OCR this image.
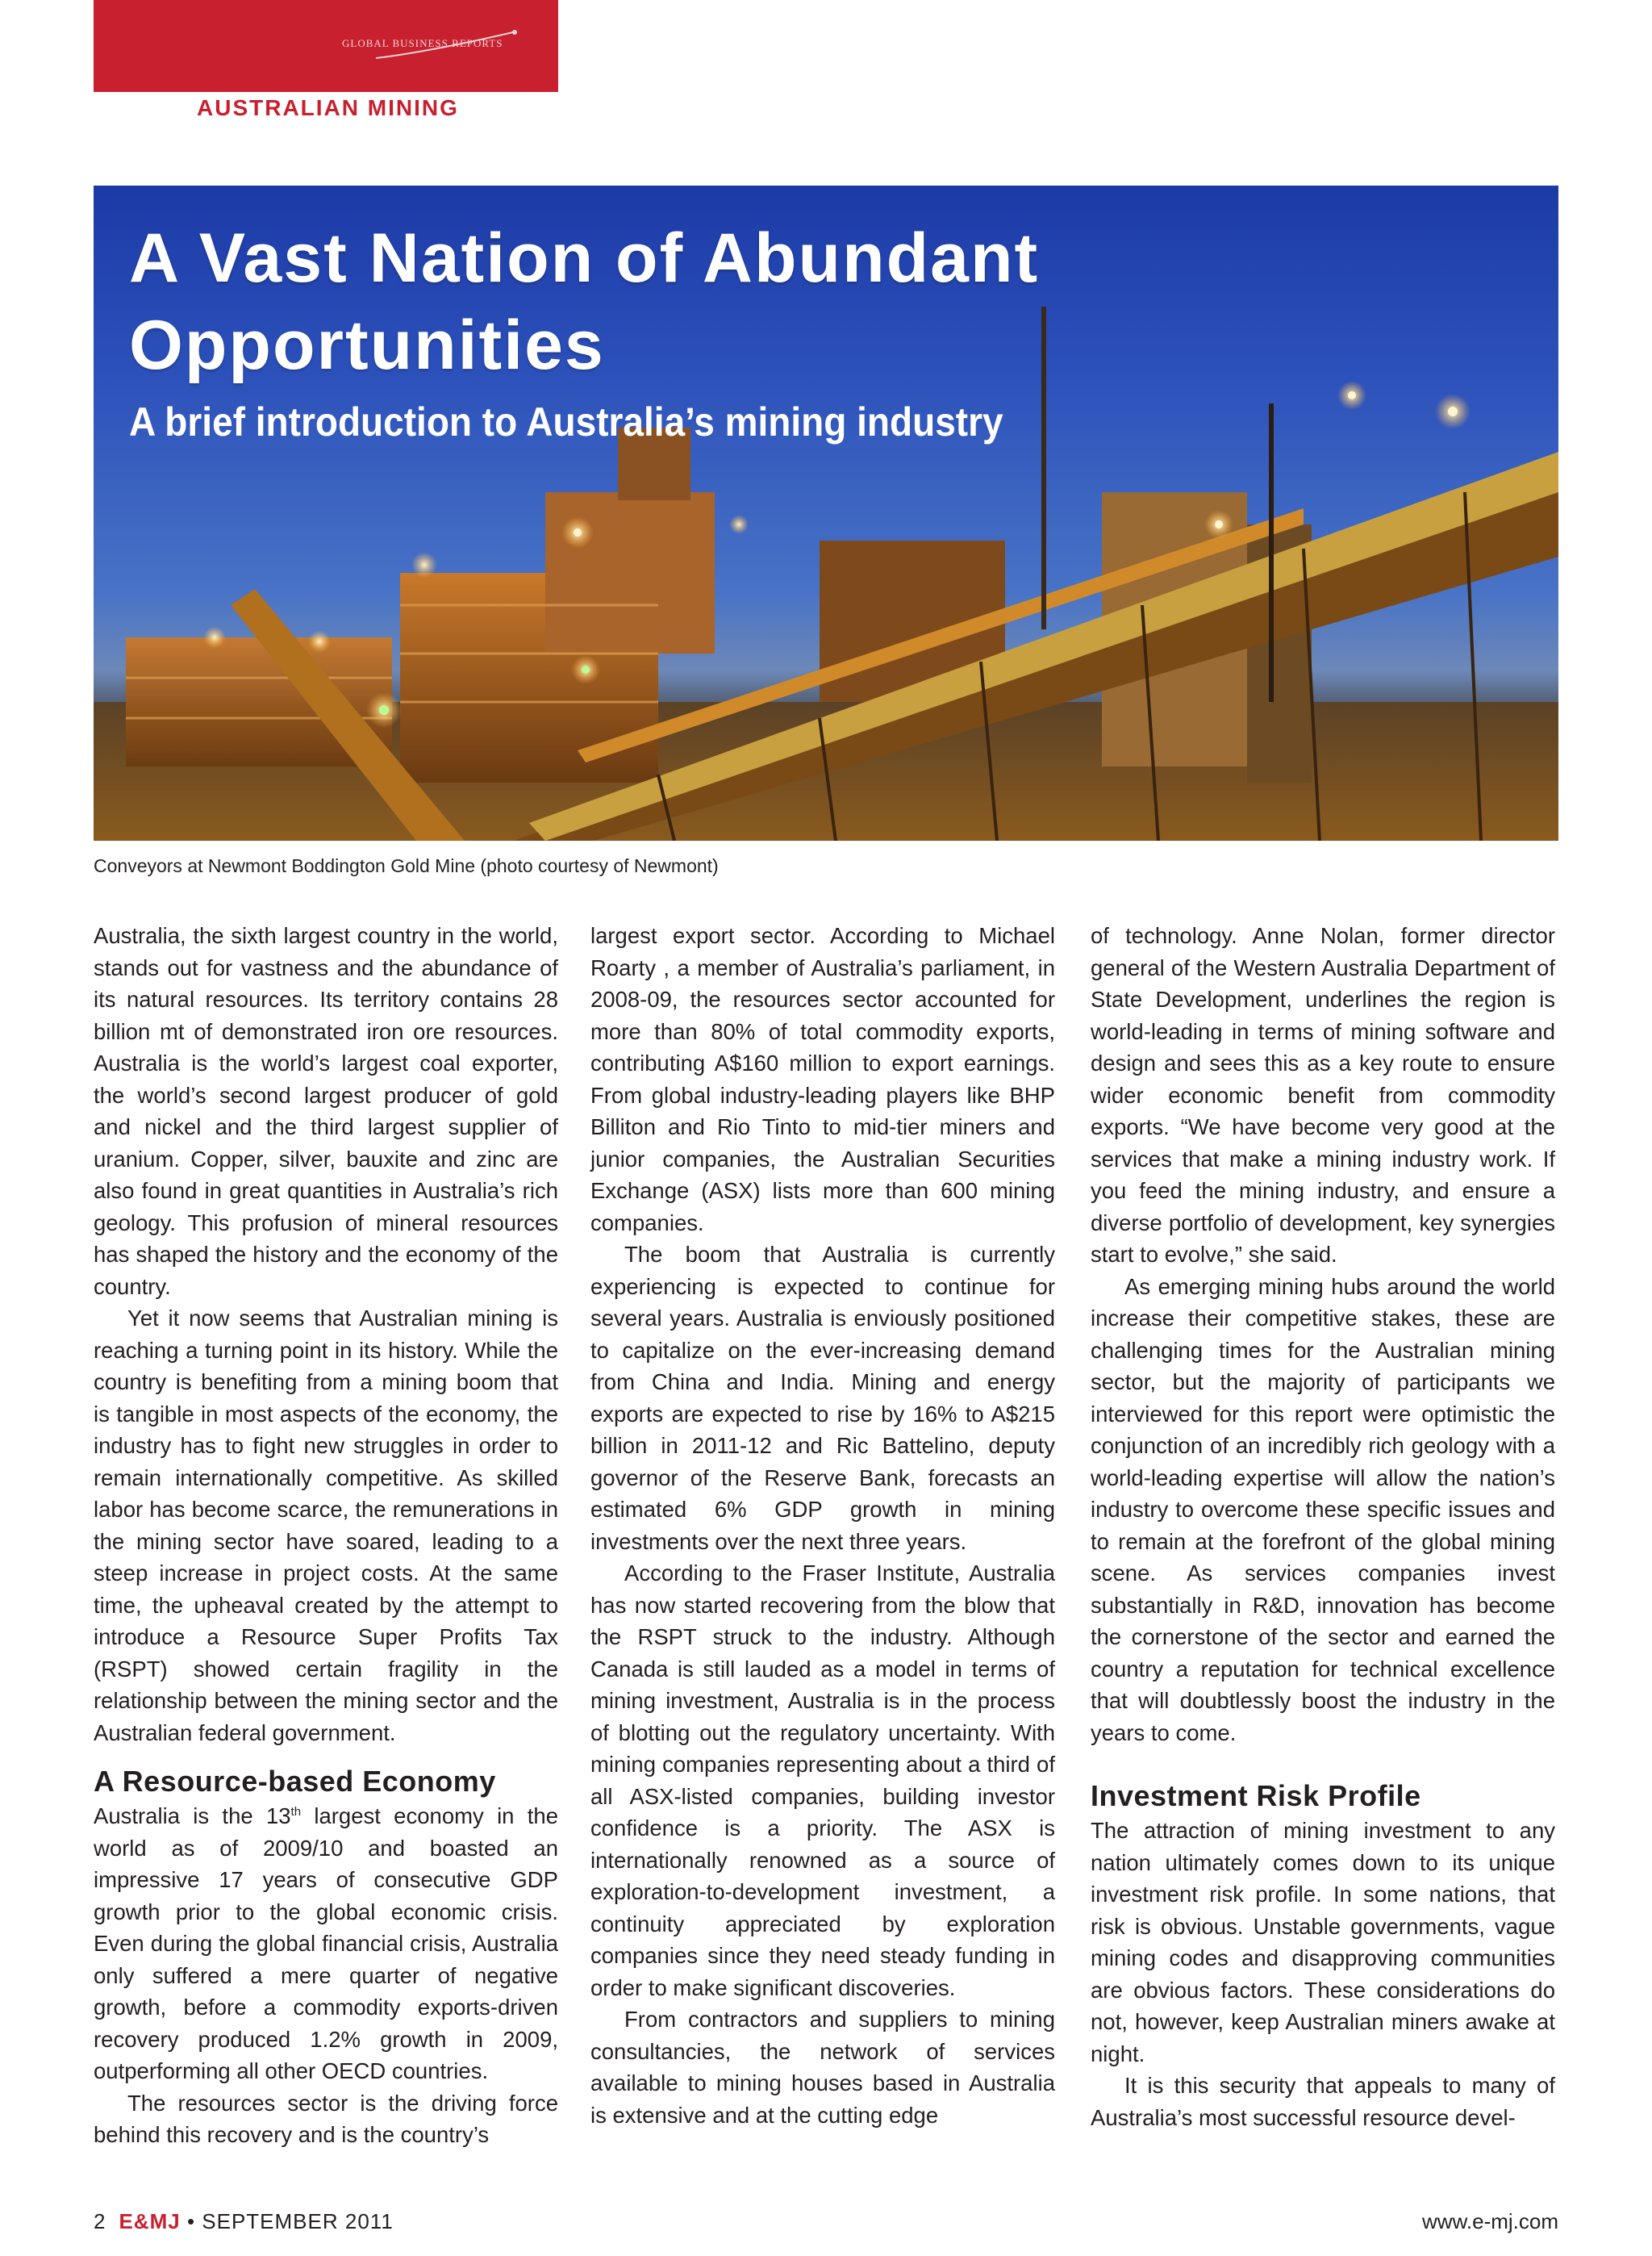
GLOBAL BUSINESS REPORTS
AUSTRALIAN MINING
A Vast Nation of Abundant
Opportunities
A brief introduction to Australia’s mining industry
Conveyors at Newmont Boddington Gold Mine (photo courtesy of Newmont)

Australia, the sixth largest country in the world, stands out for vastness and the abundance of its natural resources. Its territory contains 28 billion mt of demonstrated iron ore resources. Australia is the world’s largest coal exporter, the world’s second largest producer of gold and nickel and the third largest supplier of uranium. Copper, silver, bauxite and zinc are also found in great quantities in Australia’s rich geology. This profusion of mineral resources has shaped the history and the economy of the country.

Yet it now seems that Australian mining is reaching a turning point in its history. While the country is benefiting from a mining boom that is tangible in most aspects of the economy, the industry has to fight new struggles in order to remain internationally competitive. As skilled labor has become scarce, the remunerations in the mining sector have soared, leading to a steep increase in project costs. At the same time, the upheaval created by the attempt to introduce a Resource Super Profits Tax (RSPT) showed certain fragility in the relationship between the mining sector and the Australian federal government.

A Resource-based Economy

Australia is the 13th largest economy in the world as of 2009/10 and boasted an impressive 17 years of consecutive GDP growth prior to the global economic crisis. Even during the global financial crisis, Australia only suffered a mere quarter of negative growth, before a commodity exports-driven recovery produced 1.2% growth in 2009, outperforming all other OECD countries.

The resources sector is the driving force behind this recovery and is the country’s

largest export sector. According to Michael Roarty , a member of Australia’s parliament, in 2008-09, the resources sector accounted for more than 80% of total commodity exports, contributing A$160 million to export earnings. From global industry-leading players like BHP Billiton and Rio Tinto to mid-tier miners and junior companies, the Australian Securities Exchange (ASX) lists more than 600 mining companies.

The boom that Australia is currently experiencing is expected to continue for several years. Australia is enviously positioned to capitalize on the ever-increasing demand from China and India. Mining and energy exports are expected to rise by 16% to A$215 billion in 2011-12 and Ric Battelino, deputy governor of the Reserve Bank, forecasts an estimated 6% GDP growth in mining investments over the next three years.

According to the Fraser Institute, Australia has now started recovering from the blow that the RSPT struck to the industry. Although Canada is still lauded as a model in terms of mining investment, Australia is in the process of blotting out the regulatory uncertainty. With mining companies representing about a third of all ASX-listed companies, building investor confidence is a priority. The ASX is internationally renowned as a source of exploration-to-development investment, a continuity appreciated by exploration companies since they need steady funding in order to make significant discoveries.

From contractors and suppliers to mining consultancies, the network of services available to mining houses based in Australia is extensive and at the cutting edge

of technology. Anne Nolan, former director general of the Western Australia Department of State Development, underlines the region is world-leading in terms of mining software and design and sees this as a key route to ensure wider economic benefit from commodity exports. “We have become very good at the services that make a mining industry work. If you feed the mining industry, and ensure a diverse portfolio of development, key synergies start to evolve,” she said.

As emerging mining hubs around the world increase their competitive stakes, these are challenging times for the Australian mining sector, but the majority of participants we interviewed for this report were optimistic the conjunction of an incredibly rich geology with a world-leading expertise will allow the nation’s industry to overcome these specific issues and to remain at the forefront of the global mining scene. As services companies invest substantially in R&D, innovation has become the cornerstone of the sector and earned the country a reputation for technical excellence that will doubtlessly boost the industry in the years to come.

Investment Risk Profile

The attraction of mining investment to any nation ultimately comes down to its unique investment risk profile. In some nations, that risk is obvious. Unstable governments, vague mining codes and disapproving communities are obvious factors. These considerations do not, however, keep Australian miners awake at night.

It is this security that appeals to many of Australia’s most successful resource devel-

2 E&MJ • SEPTEMBER 2011	www.e-mj.com
